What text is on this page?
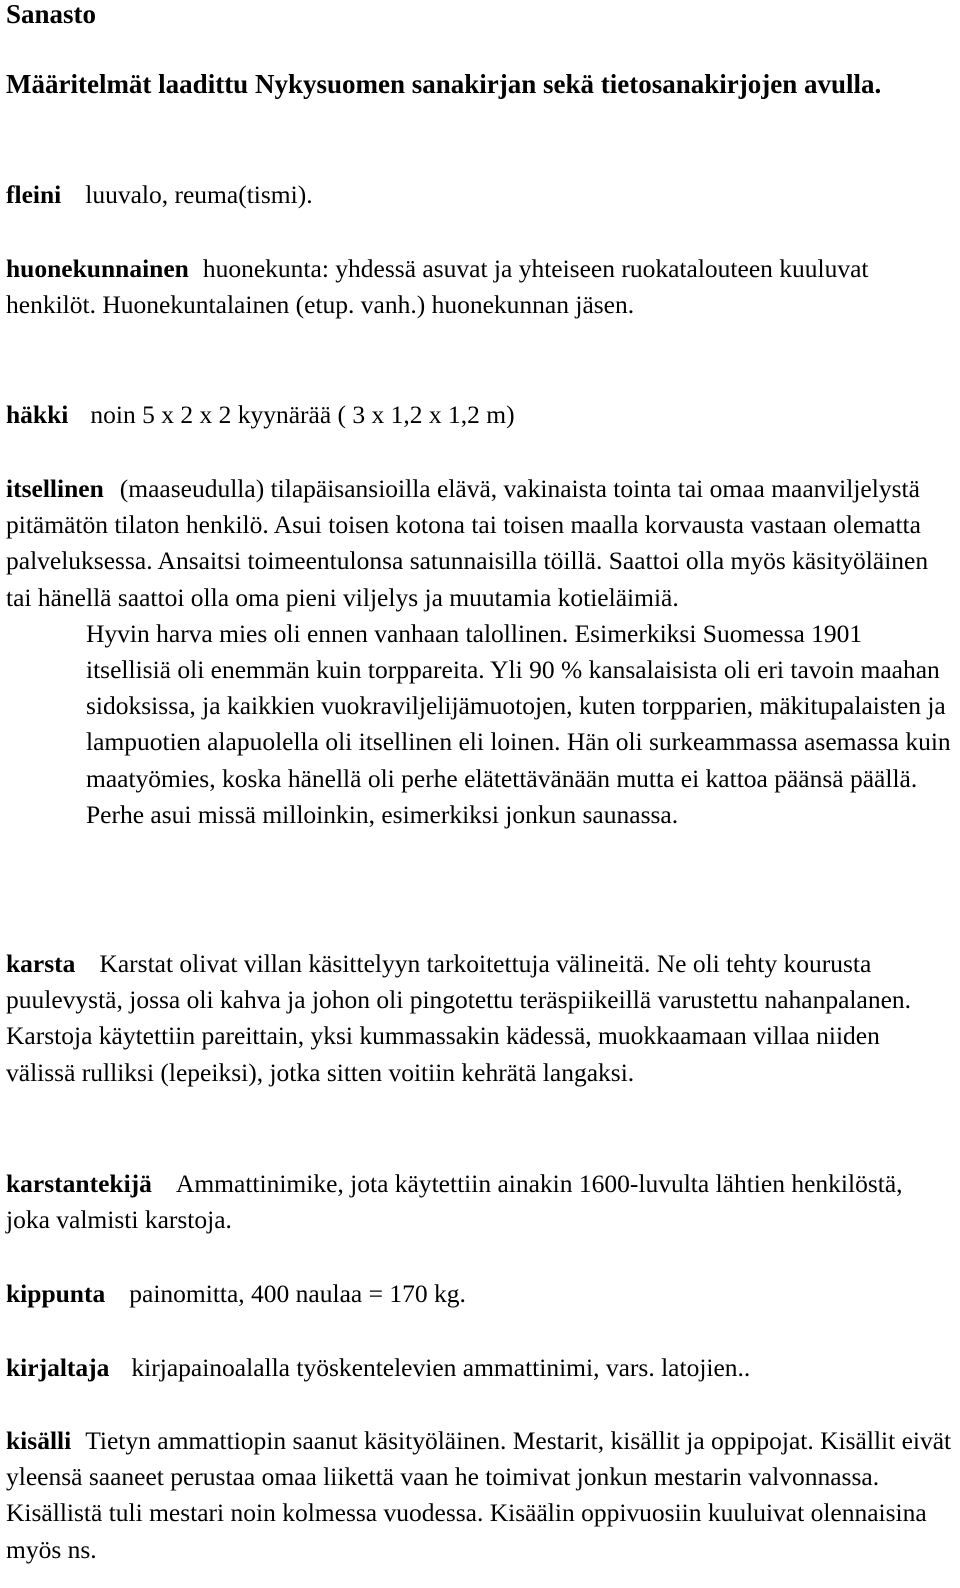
Sanasto
Määritelmät laadittu Nykysuomen sanakirjan sekä tietosanakirjojen avulla.
fleini luuvalo, reuma(tismi).
huonekunnainen huonekunta: yhdessä asuvat ja yhteiseen ruokatalouteen kuuluvat henkilöt. Huonekuntalainen (etup. vanh.) huonekunnan jäsen.
häkki noin 5 x 2 x 2 kyynärää ( 3 x 1,2 x 1,2 m)
itsellinen (maaseudulla) tilapäisansioilla elävä, vakinaista tointa tai omaa maanviljelystä pitämätön tilaton henkilö. Asui toisen kotona tai toisen maalla korvausta vastaan olematta palveluksessa. Ansaitsi toimeentulonsa satunnaisilla töillä. Saattoi olla myös käsityöläinen tai hänellä saattoi olla oma pieni viljelys ja muutamia kotieläimiä.
Hyvin harva mies oli ennen vanhaan talollinen. Esimerkiksi Suomessa 1901 itsellisiä oli enemmän kuin torppareita. Yli 90 % kansalaisista oli eri tavoin maahan sidoksissa, ja kaikkien vuokraviljelijämuotojen, kuten torpparien, mäkitupalaisten ja lampuotien alapuolella oli itsellinen eli loinen. Hän oli surkeammassa asemassa kuin maatyömies, koska hänellä oli perhe elätettävänään mutta ei kattoa päänsä päällä. Perhe asui missä milloinkin, esimerkiksi jonkun saunassa.
karsta Karstat olivat villan käsittelyyn tarkoitettuja välineitä. Ne oli tehty kourusta puulevystä, jossa oli kahva ja johon oli pingotettu teräspiikeillä varustettu nahanpalanen. Karstoja käytettiin pareittain, yksi kummassakin kädessä, muokkaamaan villaa niiden välissä rulliksi (lepeiksi), jotka sitten voitiin kehrätä langaksi.
karstantekijä Ammattinimike, jota käytettiin ainakin 1600-luvulta lähtien henkilöstä, joka valmisti karstoja.
kippunta painomitta, 400 naulaa = 170 kg.
kirjaltaja kirjapainoalalla työskentelevien ammattinimi, vars. latojien..
kisälli Tietyn ammattiopin saanut käsityöläinen. Mestarit, kisällit ja oppipojat. Kisällit eivät yleensä saaneet perustaa omaa liikettä vaan he toimivat jonkun mestarin valvonnassa. Kisällistä tuli mestari noin kolmessa vuodessa. Kisäälin oppivuosiin kuuluivat olennaisina myös ns.
